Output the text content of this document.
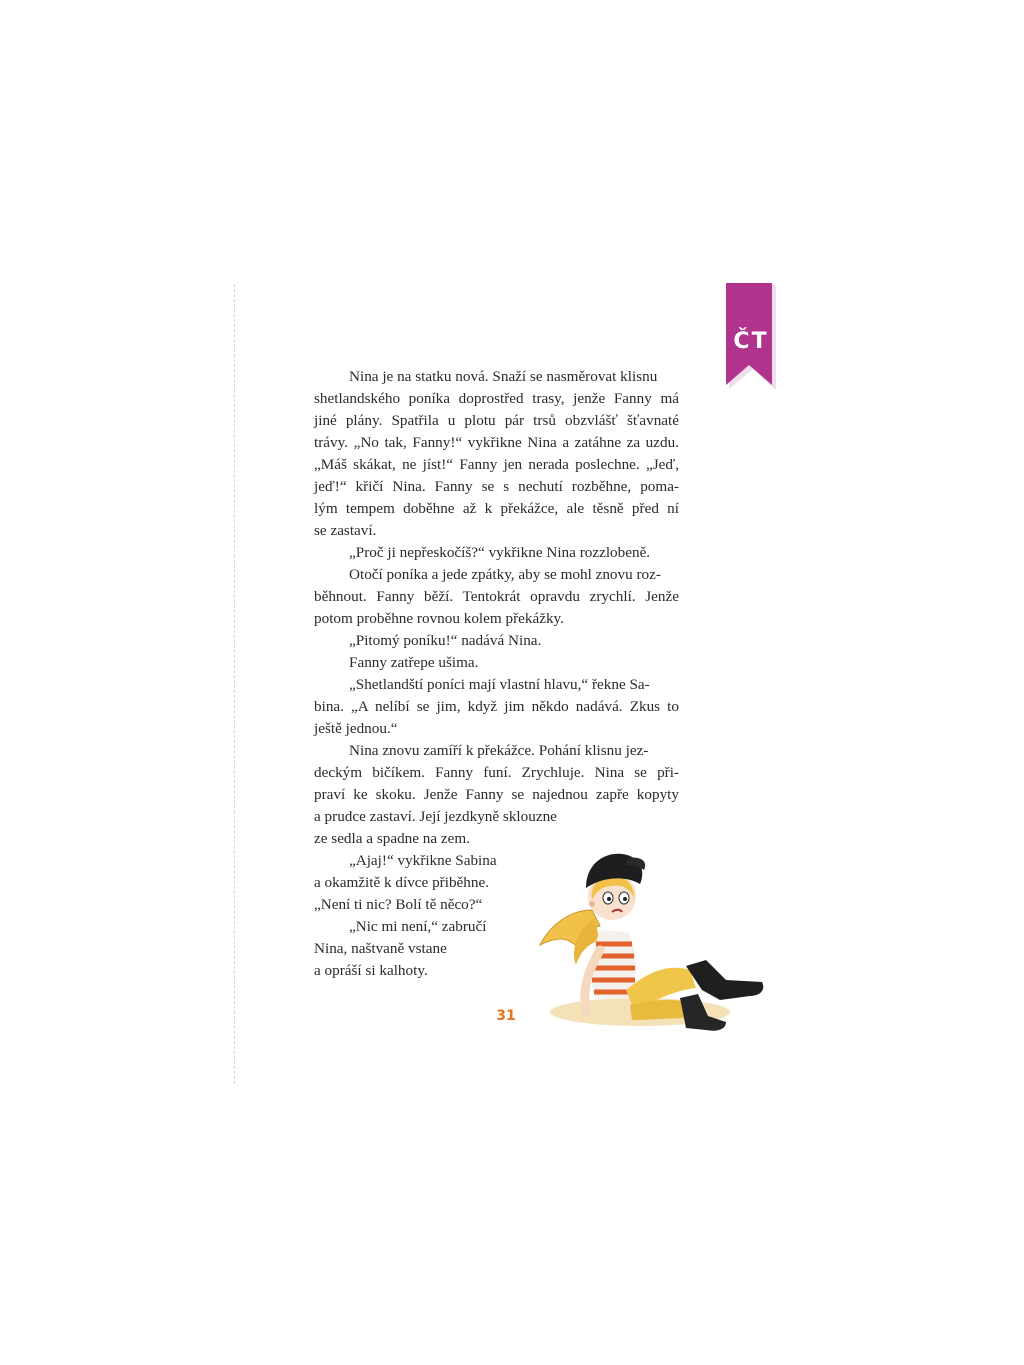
ČT
Nina je na statku nová. Snaží se nasměrovat klisnu
shetlandského poníka doprostřed trasy, jenže Fanny má
jiné plány. Spatřila u plotu pár trsů obzvlášť šťavnaté
trávy. „No tak, Fanny!“ vykřikne Nina a zatáhne za uzdu.
„Máš skákat, ne jíst!“ Fanny jen nerada poslechne. „Jeď,
jeď!“ křičí Nina. Fanny se s nechutí rozběhne, poma-
lým tempem doběhne až k překážce, ale těsně před ní
se zastaví.
„Proč ji nepřeskočíš?“ vykřikne Nina rozzlobeně.
Otočí poníka a jede zpátky, aby se mohl znovu roz-
běhnout. Fanny běží. Tentokrát opravdu zrychlí. Jenže
potom proběhne rovnou kolem překážky.
„Pitomý poníku!“ nadává Nina.
Fanny zatřepe ušima.
„Shetlandští poníci mají vlastní hlavu,“ řekne Sa-
bina. „A nelíbí se jim, když jim někdo nadává. Zkus to
ještě jednou.“
Nina znovu zamíří k překážce. Pohání klisnu jez-
deckým bičíkem. Fanny funí. Zrychluje. Nina se při-
praví ke skoku. Jenže Fanny se najednou zapře kopyty
a prudce zastaví. Její jezdkyně sklouzne
ze sedla a spadne na zem.
„Ajaj!“ vykřikne Sabina
a okamžitě k dívce přiběhne.
„Není ti nic? Bolí tě něco?“
„Nic mi není,“ zabručí
Nina, naštvaně vstane
a opráší si kalhoty.
31
